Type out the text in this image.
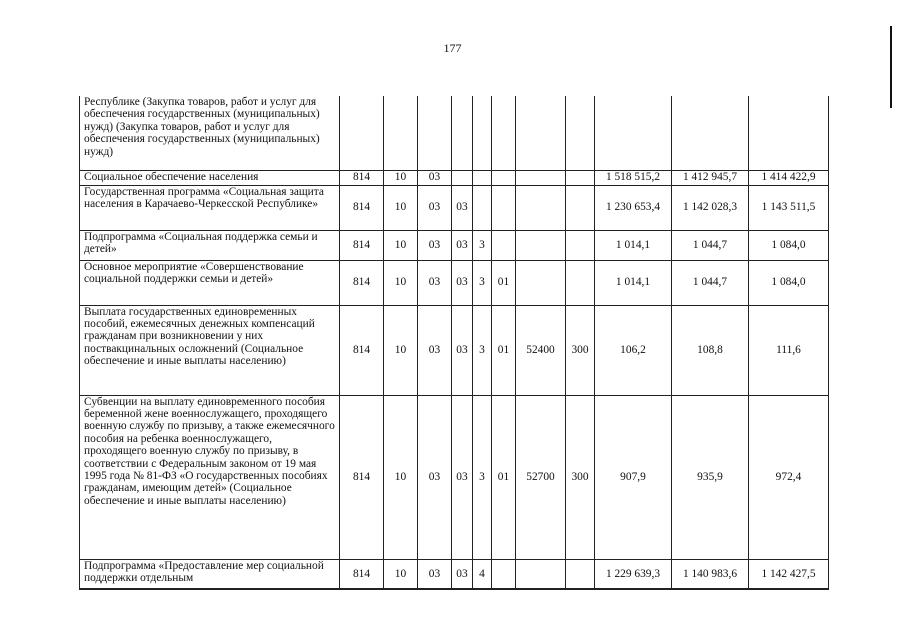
177
Республике (Закупка товаров, работ и услуг для обеспечения государственных (муниципальных) нужд) (Закупка товаров, работ и услуг для обеспечения государственных (муниципальных) нужд)											
Социальное обеспечение населения	814	10	03						1 518 515,2	1 412 945,7	1 414 422,9
Государственная программа «Социальная защита населения в Карачаево-Черкесской Республике»	814	10	03	03					1 230 653,4	1 142 028,3	1 143 511,5
Подпрограмма «Социальная поддержка семьи и детей»	814	10	03	03	3				1 014,1	1 044,7	1 084,0
Основное мероприятие «Совершенствование социальной поддержки семьи и детей»	814	10	03	03	3	01			1 014,1	1 044,7	1 084,0
Выплата государственных единовременных пособий, ежемесячных денежных компенсаций гражданам при возникновении у них поствакцинальных осложнений (Социальное обеспечение и иные выплаты населению)	814	10	03	03	3	01	52400	300	106,2	108,8	111,6
Субвенции на выплату единовременного пособия беременной жене военнослужащего, проходящего военную службу по призыву, а также ежемесячного пособия на ребенка военнослужащего, проходящего военную службу по призыву, в соответствии с Федеральным законом от 19 мая 1995 года № 81-ФЗ «О государственных пособиях гражданам, имеющим детей» (Социальное обеспечение и иные выплаты населению)	814	10	03	03	3	01	52700	300	907,9	935,9	972,4
Подпрограмма «Предоставление мер социальной поддержки отдельным	814	10	03	03	4				1 229 639,3	1 140 983,6	1 142 427,5
